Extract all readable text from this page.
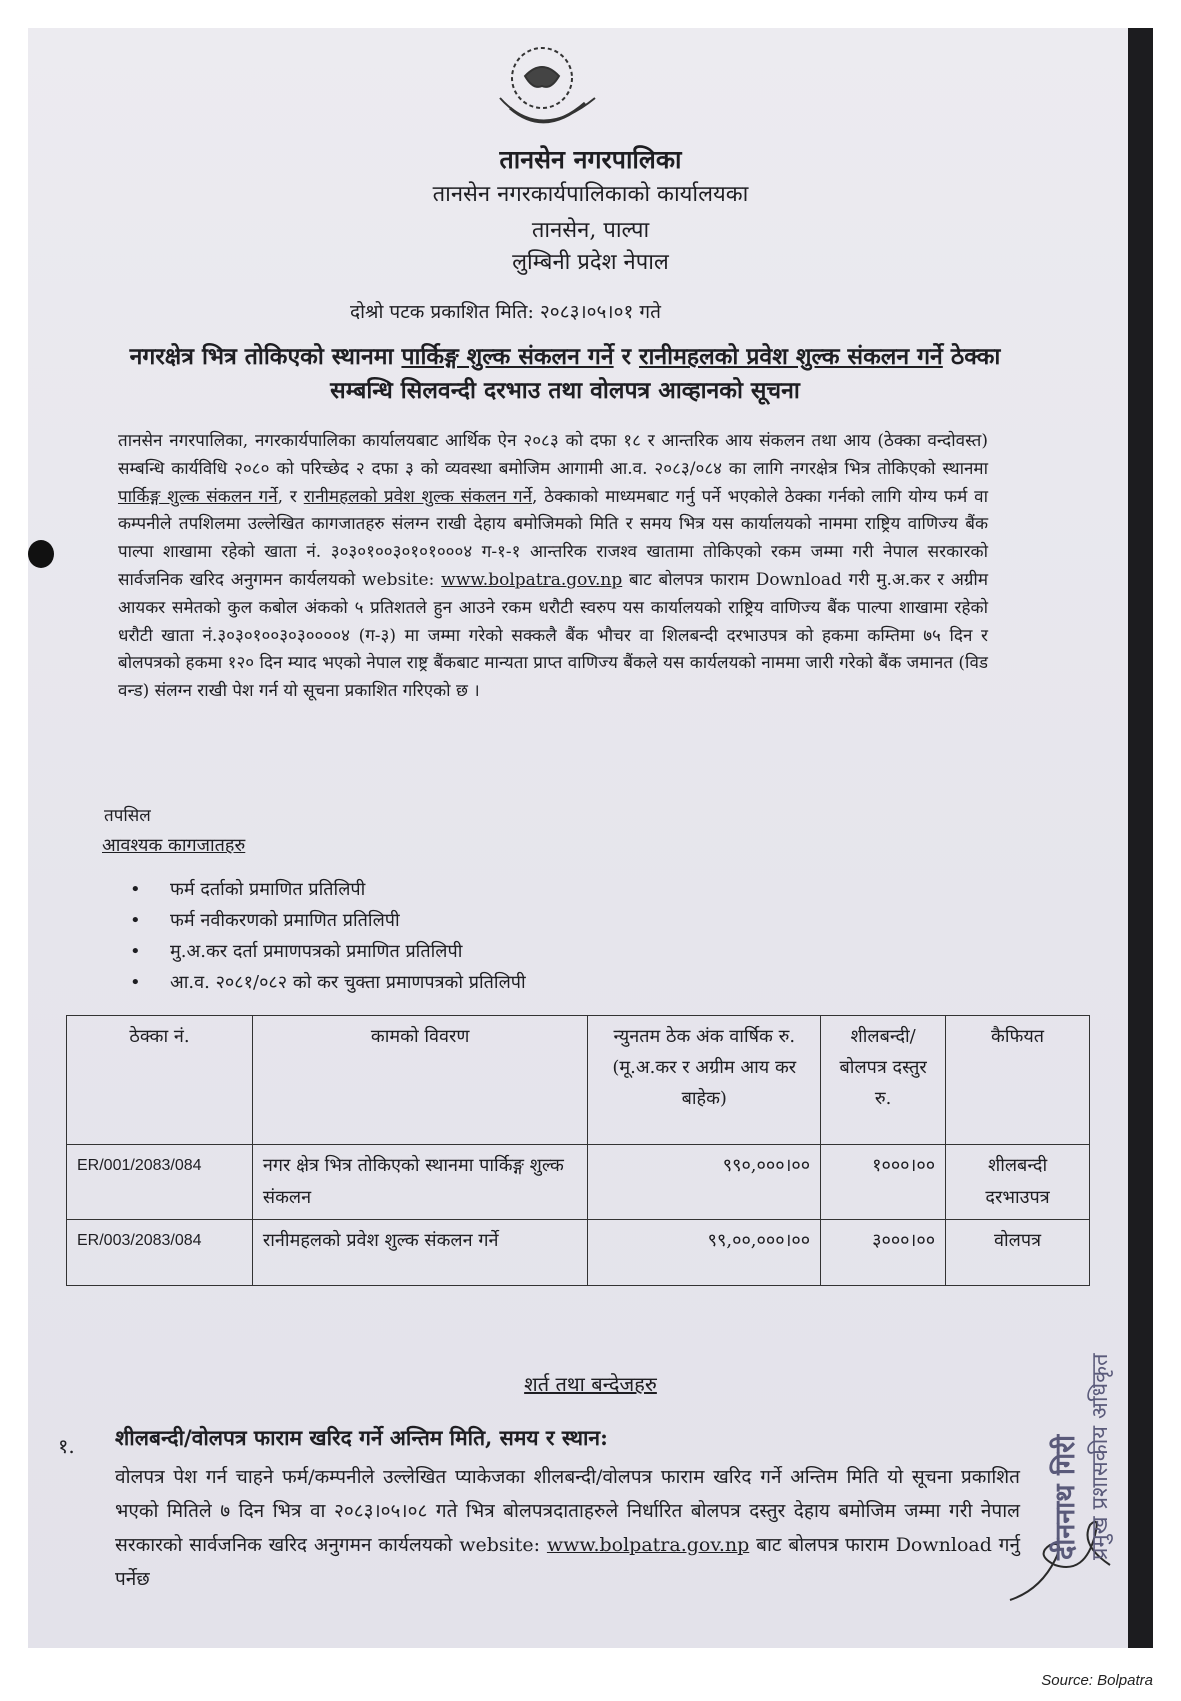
तानसेन नगरपालिका
तानसेन नगरकार्यपालिकाको कार्यालयका
तानसेन, पाल्पा
लुम्बिनी प्रदेश नेपाल
दोश्रो पटक प्रकाशित मिति: २०८३।०५।०१ गते
नगरक्षेत्र भित्र तोकिएको स्थानमा पार्किङ्ग शुल्क संकलन गर्ने र रानीमहलको प्रवेश शुल्क संकलन गर्ने ठेक्का सम्बन्धि सिलवन्दी दरभाउ तथा वोलपत्र आव्हानको सूचना
तानसेन नगरपालिका, नगरकार्यपालिका कार्यालयबाट आर्थिक ऐन २०८३ को दफा १८ र आन्तरिक आय संकलन तथा आय (ठेक्का वन्दोवस्त) सम्बन्धि कार्यविधि २०८० को परिच्छेद २ दफा ३ को व्यवस्था बमोजिम आगामी आ.व. २०८३/०८४ का लागि नगरक्षेत्र भित्र तोकिएको स्थानमा पार्किङ्ग शुल्क संकलन गर्ने, र रानीमहलको प्रवेश शुल्क संकलन गर्ने, ठेक्काको माध्यमबाट गर्नु पर्ने भएकोले ठेक्का गर्नको लागि योग्य फर्म वा कम्पनीले तपशिलमा उल्लेखित कागजातहरु संलग्न राखी देहाय बमोजिमको मिति र समय भित्र यस कार्यालयको नाममा राष्ट्रिय वाणिज्य बैंक पाल्पा शाखामा रहेको खाता नं. ३०३०१००३०१०१०००४ ग-१-१ आन्तरिक राजश्व खातामा तोकिएको रकम जम्मा गरी नेपाल सरकारको सार्वजनिक खरिद अनुगमन कार्यलयको website: www.bolpatra.gov.np बाट बोलपत्र फाराम Download गरी मु.अ.कर र अग्रीम आयकर समेतको कुल कबोल अंकको ५ प्रतिशतले हुन आउने रकम धरौटी स्वरुप यस कार्यालयको राष्ट्रिय वाणिज्य बैंक पाल्पा शाखामा रहेको धरौटी खाता नं.३०३०१००३०३००००४ (ग-३) मा जम्मा गरेको सक्कलै बैंक भौचर वा शिलबन्दी दरभाउपत्र को हकमा कम्तिमा ७५ दिन र बोलपत्रको हकमा १२० दिन म्याद भएको नेपाल राष्ट्र बैंकबाट मान्यता प्राप्त वाणिज्य बैंकले यस कार्यलयको नाममा जारी गरेको बैंक जमानत (विड वन्ड) संलग्न राखी पेश गर्न यो सूचना प्रकाशित गरिएको छ ।
तपसिल
आवश्यक कागजातहरु
• फर्म दर्ताको प्रमाणित प्रतिलिपी
• फर्म नवीकरणको प्रमाणित प्रतिलिपी
• मु.अ.कर दर्ता प्रमाणपत्रको प्रमाणित प्रतिलिपी
• आ.व. २०८१/०८२ को कर चुक्ता प्रमाणपत्रको प्रतिलिपी
ठेक्का नं.	कामको विवरण	न्युनतम ठेक अंक वार्षिक रु. (मू.अ.कर र अग्रीम आय कर बाहेक)	शीलबन्दी/बोलपत्र दस्तुर रु.	कैफियत
ER/001/2083/084	नगर क्षेत्र भित्र तोकिएको स्थानमा पार्किङ्ग शुल्क संकलन	९९०,०००।००	१०००।००	शीलबन्दी दरभाउपत्र
ER/003/2083/084	रानीमहलको प्रवेश शुल्क संकलन गर्ने	९९,००,०००।००	३०००।००	वोलपत्र
शर्त तथा बन्देजहरु
१. शीलबन्दी/वोलपत्र फाराम खरिद गर्ने अन्तिम मिति, समय र स्थान:
वोलपत्र पेश गर्न चाहने फर्म/कम्पनीले उल्लेखित प्याकेजका शीलबन्दी/वोलपत्र फाराम खरिद गर्ने अन्तिम मिति यो सूचना प्रकाशित भएको मितिले ७ दिन भित्र वा २०८३।०५।०८ गते भित्र बोलपत्रदाताहरुले निर्धारित बोलपत्र दस्तुर देहाय बमोजिम जम्मा गरी नेपाल सरकारको सार्वजनिक खरिद अनुगमन कार्यलयको website: www.bolpatra.gov.np बाट बोलपत्र फाराम Download गर्नु पर्नेछ
दीननाथ गिरी प्रमुख प्रशासकीय अधिकृत
Source: Bolpatra
